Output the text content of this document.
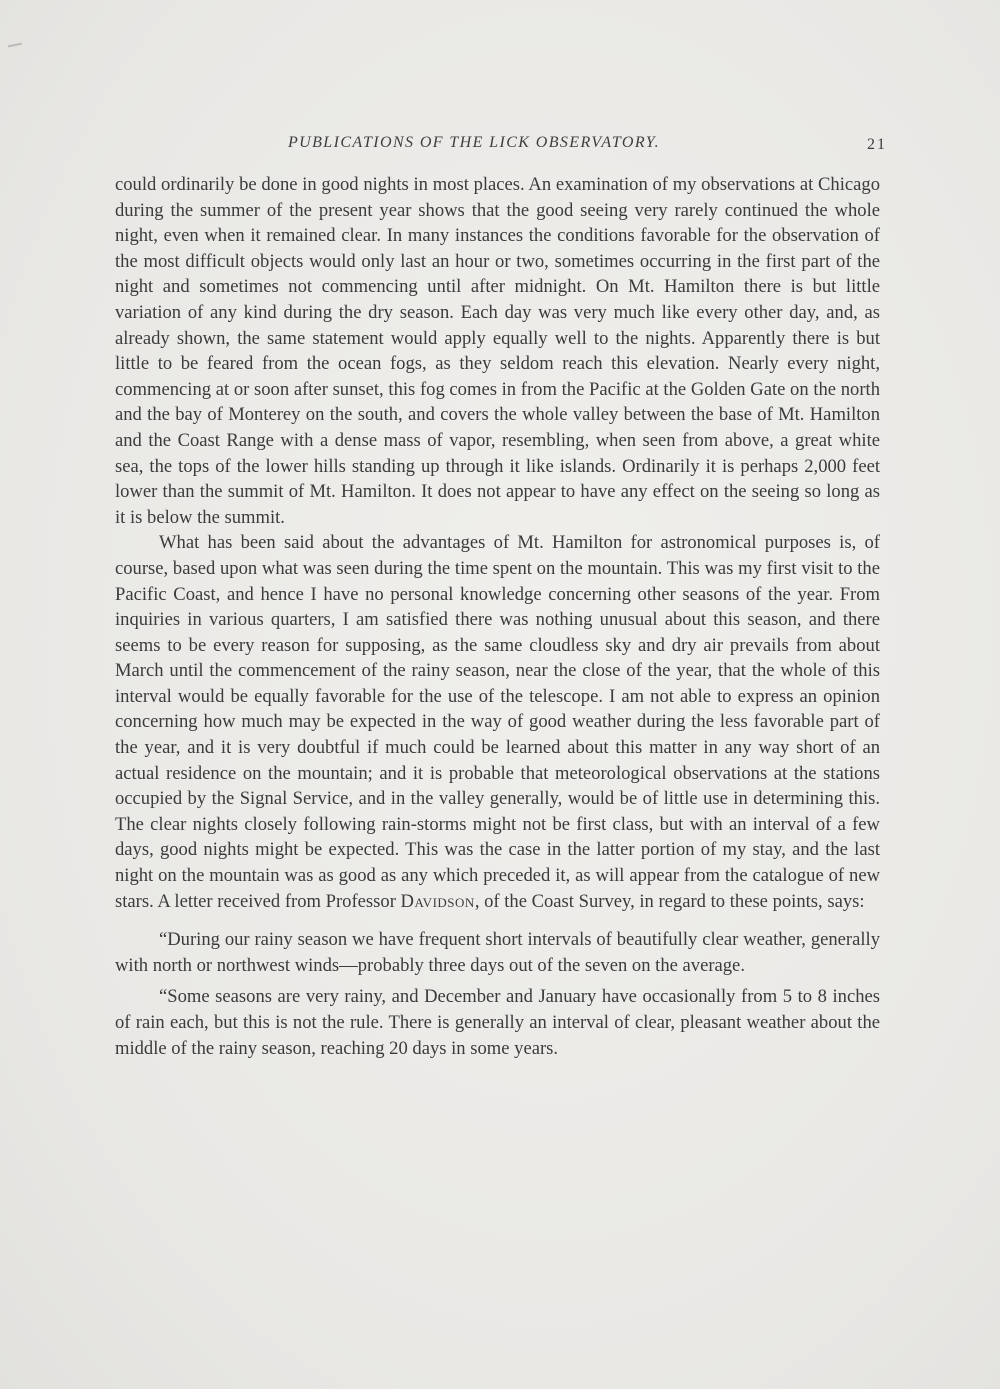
PUBLICATIONS OF THE LICK OBSERVATORY.	21

could ordinarily be done in good nights in most places. An examination of my observations at Chicago during the summer of the present year shows that the good seeing very rarely continued the whole night, even when it remained clear. In many instances the conditions favorable for the observation of the most difficult objects would only last an hour or two, sometimes occurring in the first part of the night and sometimes not commencing until after midnight. On Mt. Hamilton there is but little variation of any kind during the dry season. Each day was very much like every other day, and, as already shown, the same statement would apply equally well to the nights. Apparently there is but little to be feared from the ocean fogs, as they seldom reach this elevation. Nearly every night, commencing at or soon after sunset, this fog comes in from the Pacific at the Golden Gate on the north and the bay of Monterey on the south, and covers the whole valley between the base of Mt. Hamilton and the Coast Range with a dense mass of vapor, resembling, when seen from above, a great white sea, the tops of the lower hills standing up through it like islands. Ordinarily it is perhaps 2,000 feet lower than the summit of Mt. Hamilton. It does not appear to have any effect on the seeing so long as it is below the summit.

What has been said about the advantages of Mt. Hamilton for astronomical purposes is, of course, based upon what was seen during the time spent on the mountain. This was my first visit to the Pacific Coast, and hence I have no personal knowledge concerning other seasons of the year. From inquiries in various quarters, I am satisfied there was nothing unusual about this season, and there seems to be every reason for supposing, as the same cloudless sky and dry air prevails from about March until the commencement of the rainy season, near the close of the year, that the whole of this interval would be equally favorable for the use of the telescope. I am not able to express an opinion concerning how much may be expected in the way of good weather during the less favorable part of the year, and it is very doubtful if much could be learned about this matter in any way short of an actual residence on the mountain; and it is probable that meteorological observations at the stations occupied by the Signal Service, and in the valley generally, would be of little use in determining this. The clear nights closely following rain-storms might not be first class, but with an interval of a few days, good nights might be expected. This was the case in the latter portion of my stay, and the last night on the mountain was as good as any which preceded it, as will appear from the catalogue of new stars. A letter received from Professor Davidson, of the Coast Survey, in regard to these points, says:

“During our rainy season we have frequent short intervals of beautifully clear weather, generally with north or northwest winds—probably three days out of the seven on the average.

“Some seasons are very rainy, and December and January have occasionally from 5 to 8 inches of rain each, but this is not the rule. There is generally an interval of clear, pleasant weather about the middle of the rainy season, reaching 20 days in some years.
